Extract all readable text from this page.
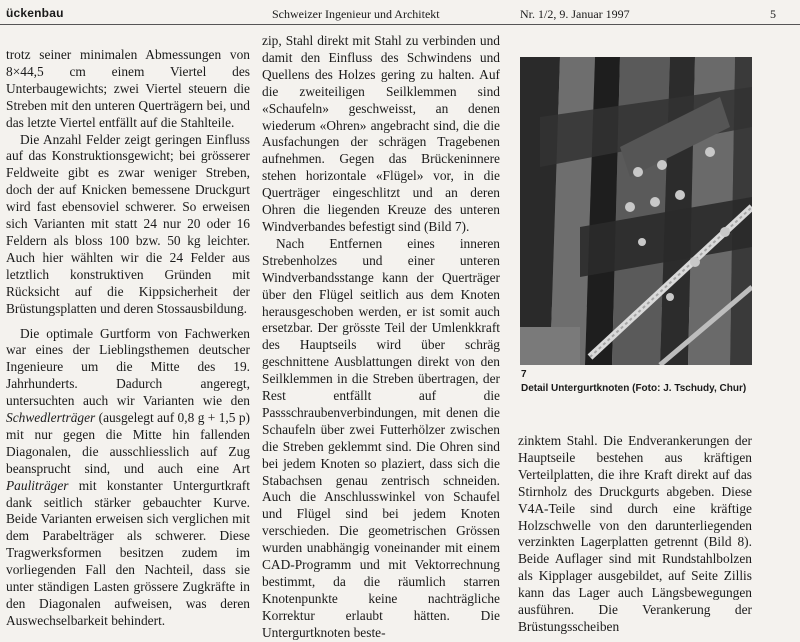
ückenbau	Schweizer Ingenieur und Architekt	Nr. 1/2, 9. Januar 1997	5

trotz seiner minimalen Abmessungen von 8×44,5 cm einem Viertel des Unterbaugewichts; zwei Viertel steuern die Streben mit den unteren Querträgern bei, und das letzte Viertel entfällt auf die Stahlteile.

Die Anzahl Felder zeigt geringen Einfluss auf das Konstruktionsgewicht; bei grösserer Feldweite gibt es zwar weniger Streben, doch der auf Knicken bemessene Druckgurt wird fast ebensoviel schwerer. So erweisen sich Varianten mit statt 24 nur 20 oder 16 Feldern als bloss 100 bzw. 50 kg leichter. Auch hier wählten wir die 24 Felder aus letztlich konstruktiven Gründen mit Rücksicht auf die Kippsicherheit der Brüstungsplatten und deren Stossausbildung.

Die optimale Gurtform von Fachwerken war eines der Lieblingsthemen deutscher Ingenieure um die Mitte des 19. Jahrhunderts. Dadurch angeregt, untersuchten auch wir Varianten wie den Schwedlerträger (ausgelegt auf 0,8 g + 1,5 p) mit nur gegen die Mitte hin fallenden Diagonalen, die ausschliesslich auf Zug beansprucht sind, und auch eine Art Pauliträger mit konstanter Untergurtkraft dank seitlich stärker gebauchter Kurve. Beide Varianten erweisen sich verglichen mit dem Parabelträger als schwerer. Diese Tragwerksformen besitzen zudem im vorliegenden Fall den Nachteil, dass sie unter ständigen Lasten grössere Zugkräfte in den Diagonalen aufweisen, was deren Auswechselbarkeit behindert.

zip, Stahl direkt mit Stahl zu verbinden und damit den Einfluss des Schwindens und Quellens des Holzes gering zu halten. Auf die zweiteiligen Seilklemmen sind «Schaufeln» geschweisst, an denen wiederum «Ohren» angebracht sind, die die Ausfachungen der schrägen Tragebenen aufnehmen. Gegen das Brückeninnere stehen horizontale «Flügel» vor, in die Querträger eingeschlitzt und an deren Ohren die liegenden Kreuze des unteren Windverbandes befestigt sind (Bild 7).

Nach Entfernen eines inneren Strebenholzes und einer unteren Windverbandsstange kann der Querträger über den Flügel seitlich aus dem Knoten herausgeschoben werden, er ist somit auch ersetzbar. Der grösste Teil der Umlenkkraft des Hauptseils wird über schräg geschnittene Ausblattungen direkt von den Seilklemmen in die Streben übertragen, der Rest entfällt auf die Passschraubenverbindungen, mit denen die Schaufeln über zwei Futterhölzer zwischen die Streben geklemmt sind. Die Ohren sind bei jedem Knoten so plaziert, dass sich die Stabachsen genau zentrisch schneiden. Auch die Anschlusswinkel von Schaufel und Flügel sind bei jedem Knoten verschieden. Die geometrischen Grössen wurden unabhängig voneinander mit einem CAD-Programm und mit Vektorrechnung bestimmt, da die räumlich starren Knotenpunkte keine nachträgliche Korrektur erlaubt hätten. Die Untergurtknoten beste-

7
Detail Untergurtknoten (Foto: J. Tschudy, Chur)

zinktem Stahl. Die Endverankerungen der Hauptseile bestehen aus kräftigen Verteilplatten, die ihre Kraft direkt auf das Stirnholz des Druckgurts abgeben. Diese V4A-Teile sind durch eine kräftige Holzschwelle von den darunterliegenden verzinkten Lagerplatten getrennt (Bild 8). Beide Auflager sind mit Rundstahlbolzen als Kipplager ausgebildet, auf Seite Zillis kann das Lager auch Längsbewegungen ausführen. Die Verankerung der Brüstungsscheiben
